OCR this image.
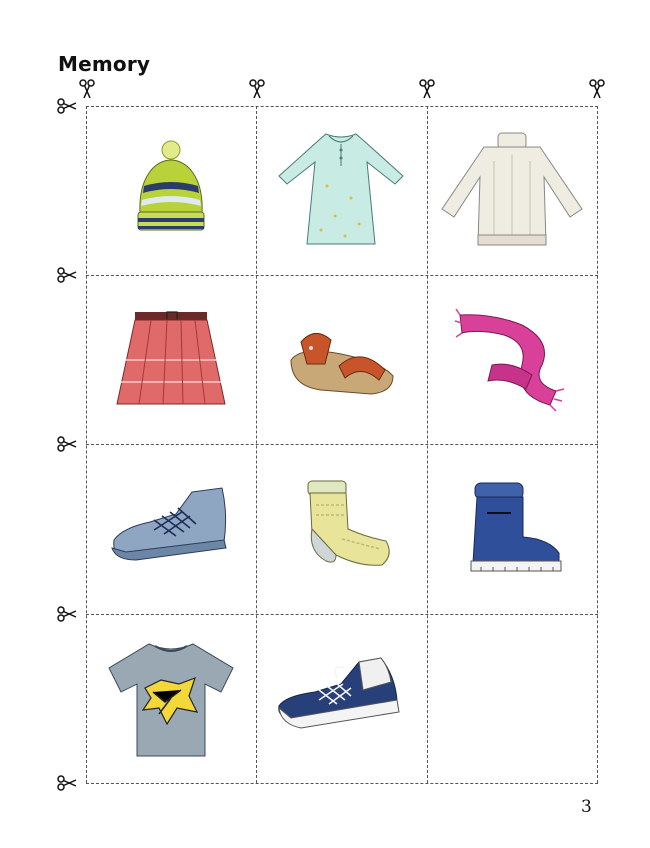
Memory
3
